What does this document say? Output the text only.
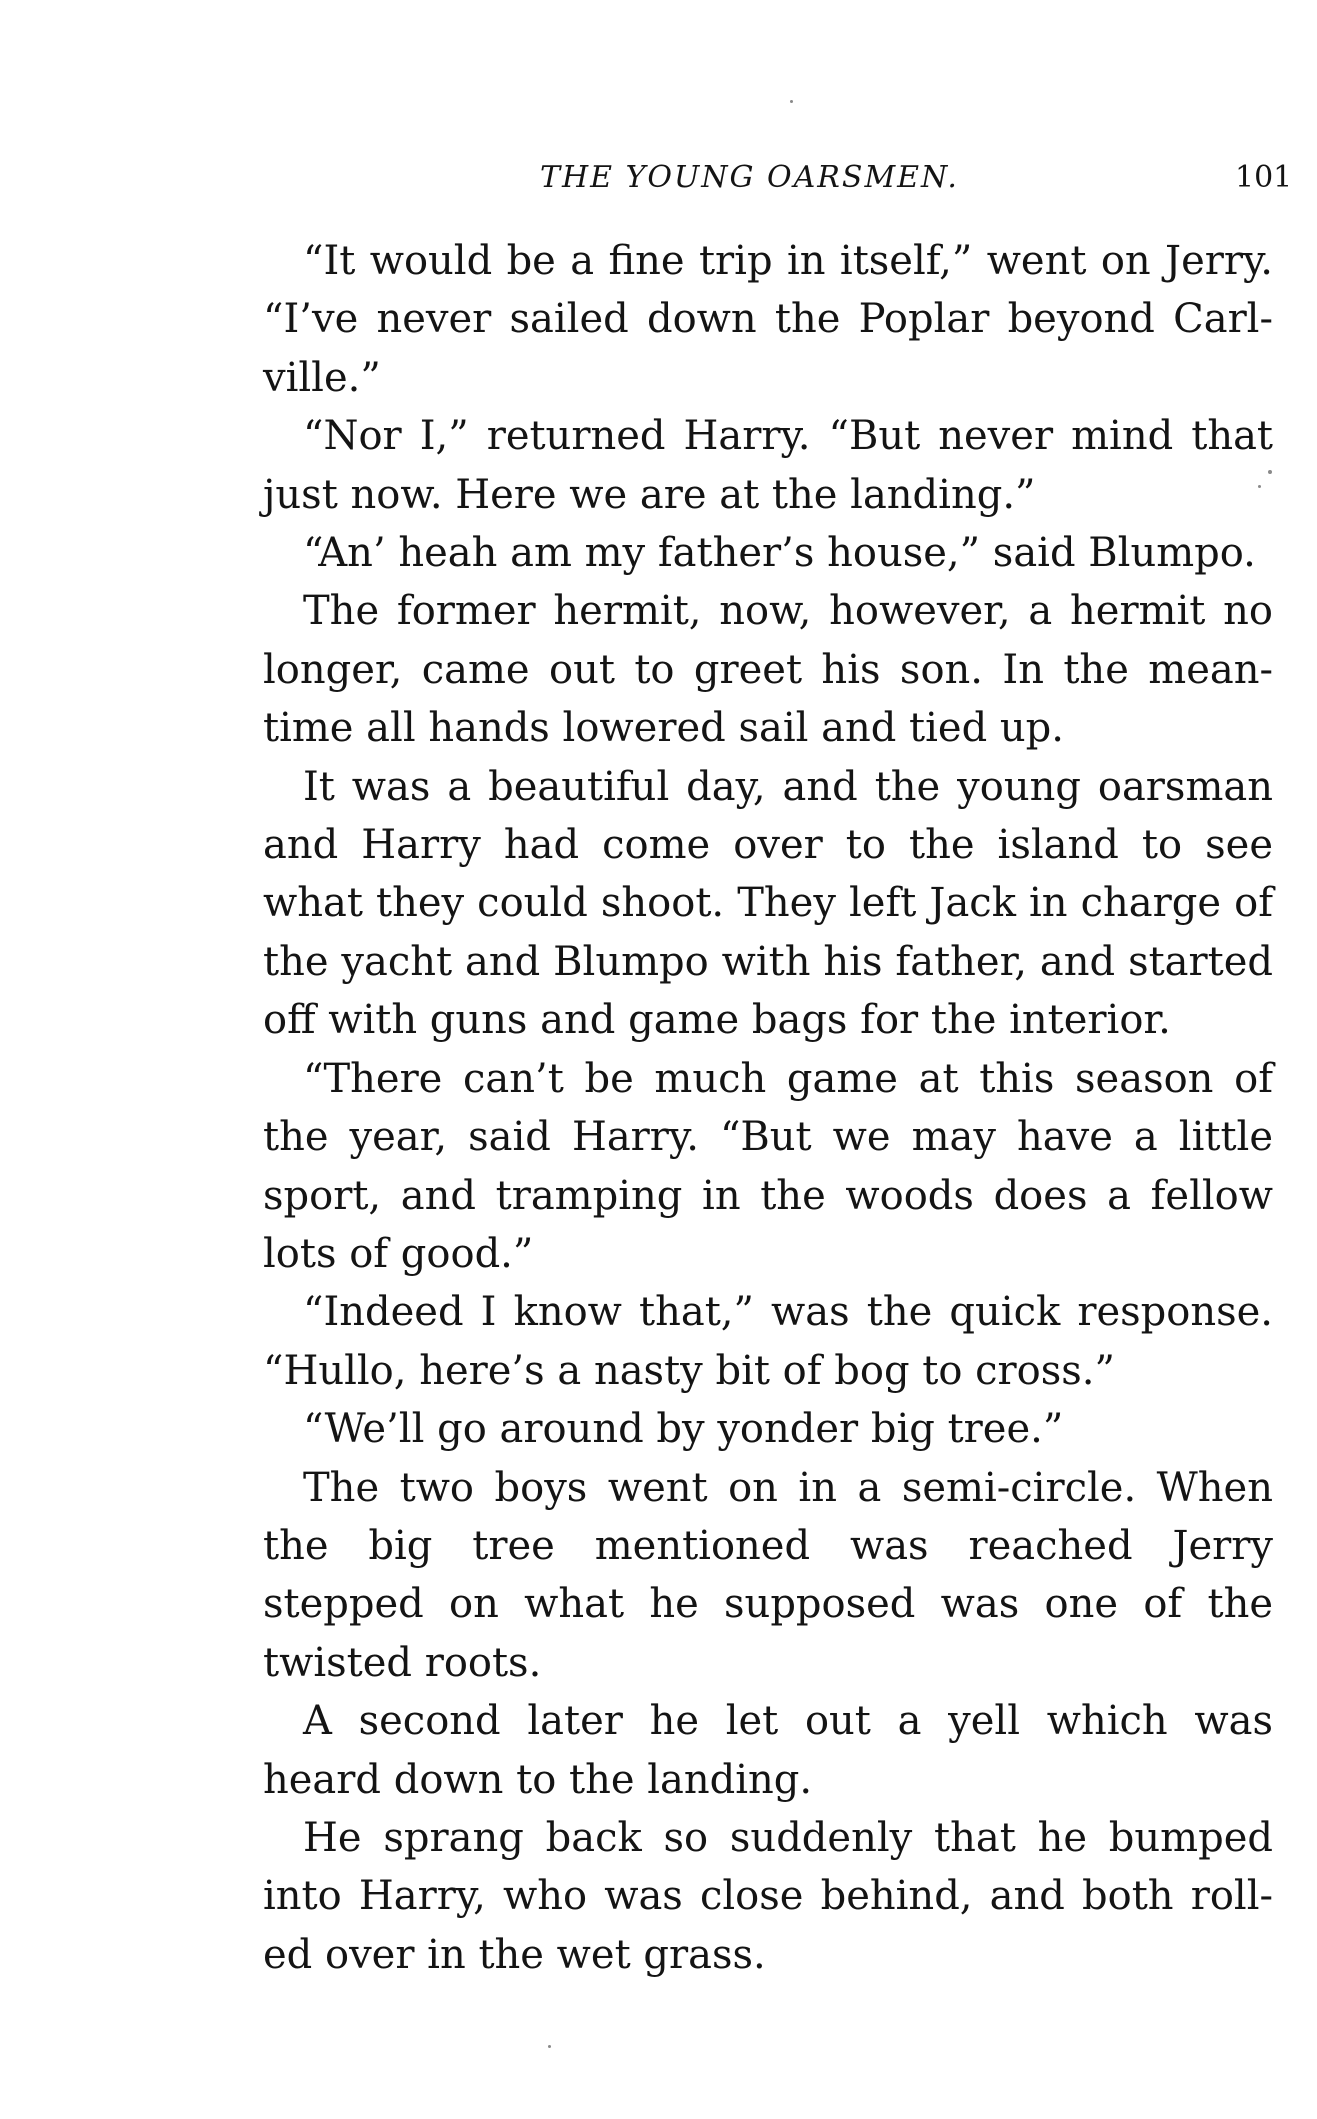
THE YOUNG OARSMEN.	101

“It would be a fine trip in itself,” went on Jerry. “I’ve never sailed down the Poplar beyond Carlville.”

“Nor I,” returned Harry. “But never mind that just now. Here we are at the landing.”

“An’ heah am my father’s house,” said Blumpo.

The former hermit, now, however, a hermit no longer, came out to greet his son. In the meantime all hands lowered sail and tied up.

It was a beautiful day, and the young oarsman and Harry had come over to the island to see what they could shoot. They left Jack in charge of the yacht and Blumpo with his father, and started off with guns and game bags for the interior.

“There can’t be much game at this season of the year, said Harry. “But we may have a little sport, and tramping in the woods does a fellow lots of good.”

“Indeed I know that,” was the quick response. “Hullo, here’s a nasty bit of bog to cross.”

“We’ll go around by yonder big tree.”

The two boys went on in a semi-circle. When the big tree mentioned was reached Jerry stepped on what he supposed was one of the twisted roots.

A second later he let out a yell which was heard down to the landing.

He sprang back so suddenly that he bumped into Harry, who was close behind, and both rolled over in the wet grass.
